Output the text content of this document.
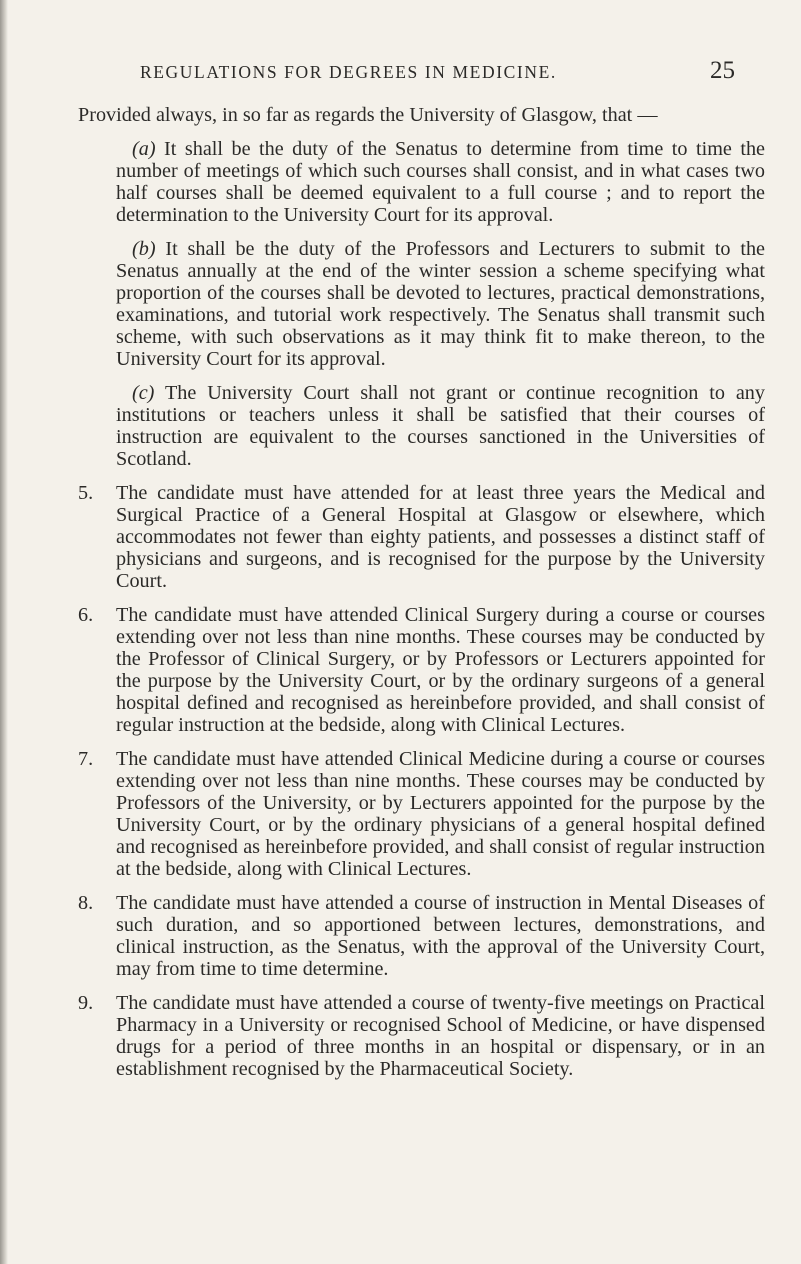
REGULATIONS FOR DEGREES IN MEDICINE.	25

Provided always, in so far as regards the University of Glasgow, that —

(a) It shall be the duty of the Senatus to determine from time to time the number of meetings of which such courses shall consist, and in what cases two half courses shall be deemed equivalent to a full course ; and to report the determination to the University Court for its approval.

(b) It shall be the duty of the Professors and Lecturers to submit to the Senatus annually at the end of the winter session a scheme specifying what proportion of the courses shall be devoted to lectures, practical demonstrations, examinations, and tutorial work respectively. The Senatus shall transmit such scheme, with such observations as it may think fit to make thereon, to the University Court for its approval.

(c) The University Court shall not grant or continue recognition to any institutions or teachers unless it shall be satisfied that their courses of instruction are equivalent to the courses sanctioned in the Universities of Scotland.

5. The candidate must have attended for at least three years the Medical and Surgical Practice of a General Hospital at Glasgow or elsewhere, which accommodates not fewer than eighty patients, and possesses a distinct staff of physicians and surgeons, and is recognised for the purpose by the University Court.
6. The candidate must have attended Clinical Surgery during a course or courses extending over not less than nine months. These courses may be conducted by the Professor of Clinical Surgery, or by Professors or Lecturers appointed for the purpose by the University Court, or by the ordinary surgeons of a general hospital defined and recognised as hereinbefore provided, and shall consist of regular instruction at the bedside, along with Clinical Lectures.
7. The candidate must have attended Clinical Medicine during a course or courses extending over not less than nine months. These courses may be conducted by Professors of the University, or by Lecturers appointed for the purpose by the University Court, or by the ordinary physicians of a general hospital defined and recognised as hereinbefore provided, and shall consist of regular instruction at the bedside, along with Clinical Lectures.
8. The candidate must have attended a course of instruction in Mental Diseases of such duration, and so apportioned between lectures, demonstrations, and clinical instruction, as the Senatus, with the approval of the University Court, may from time to time determine.
9. The candidate must have attended a course of twenty-five meetings on Practical Pharmacy in a University or recognised School of Medicine, or have dispensed drugs for a period of three months in an hospital or dispensary, or in an establishment recognised by the Pharmaceutical Society.
